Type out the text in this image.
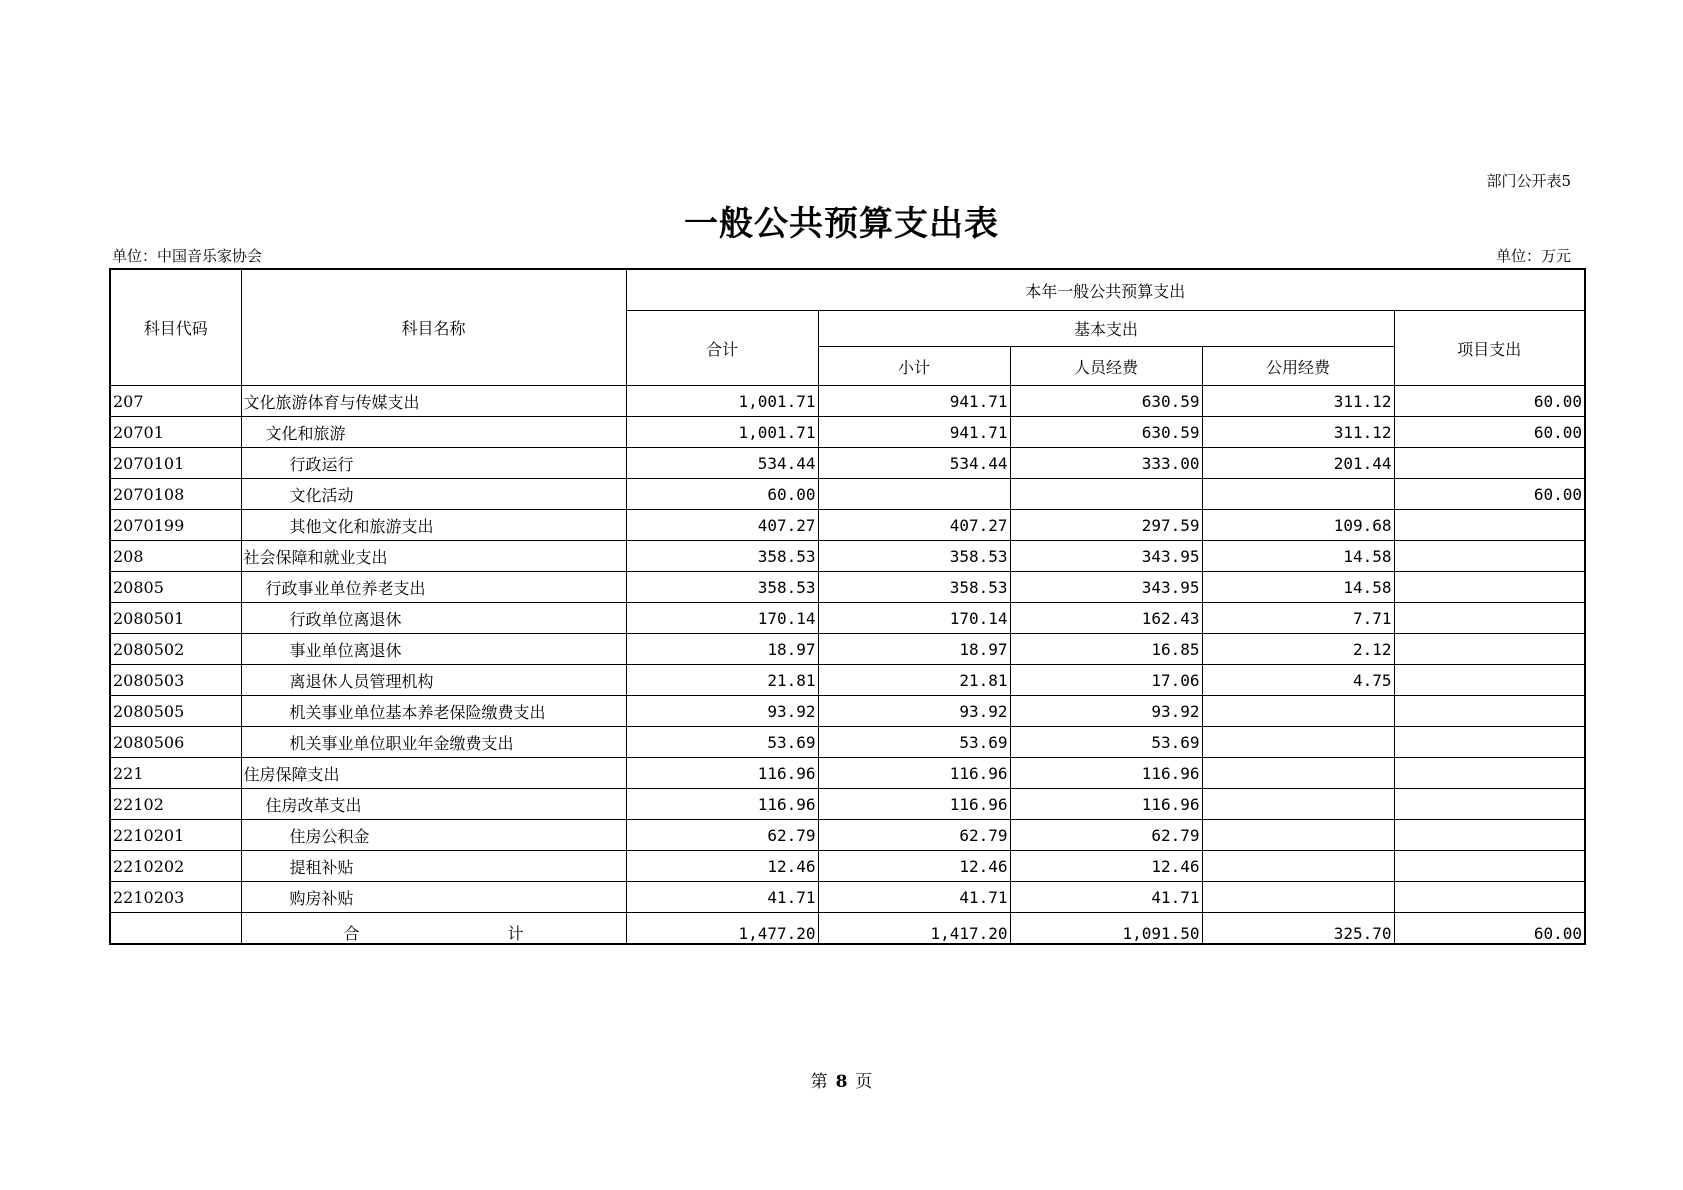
部门公开表5
一般公共预算支出表
单位：中国音乐家协会	单位：万元
科目代码	科目名称	本年一般公共预算支出				
		合计	基本支出			项目支出
			小计	人员经费	公用经费	
207	文化旅游体育与传媒支出	1,001.71	941.71	630.59	311.12	60.00
20701	文化和旅游	1,001.71	941.71	630.59	311.12	60.00
2070101	行政运行	534.44	534.44	333.00	201.44	
2070108	文化活动	60.00				60.00
2070199	其他文化和旅游支出	407.27	407.27	297.59	109.68	
208	社会保障和就业支出	358.53	358.53	343.95	14.58	
20805	行政事业单位养老支出	358.53	358.53	343.95	14.58	
2080501	行政单位离退休	170.14	170.14	162.43	7.71	
2080502	事业单位离退休	18.97	18.97	16.85	2.12	
2080503	离退休人员管理机构	21.81	21.81	17.06	4.75	
2080505	机关事业单位基本养老保险缴费支出	93.92	93.92	93.92		
2080506	机关事业单位职业年金缴费支出	53.69	53.69	53.69		
221	住房保障支出	116.96	116.96	116.96		
22102	住房改革支出	116.96	116.96	116.96		
2210201	住房公积金	62.79	62.79	62.79		
2210202	提租补贴	12.46	12.46	12.46		
2210203	购房补贴	41.71	41.71	41.71		

	合 计	1,477.20	1,417.20	1,091.50	325.70	60.00
第 8 页
